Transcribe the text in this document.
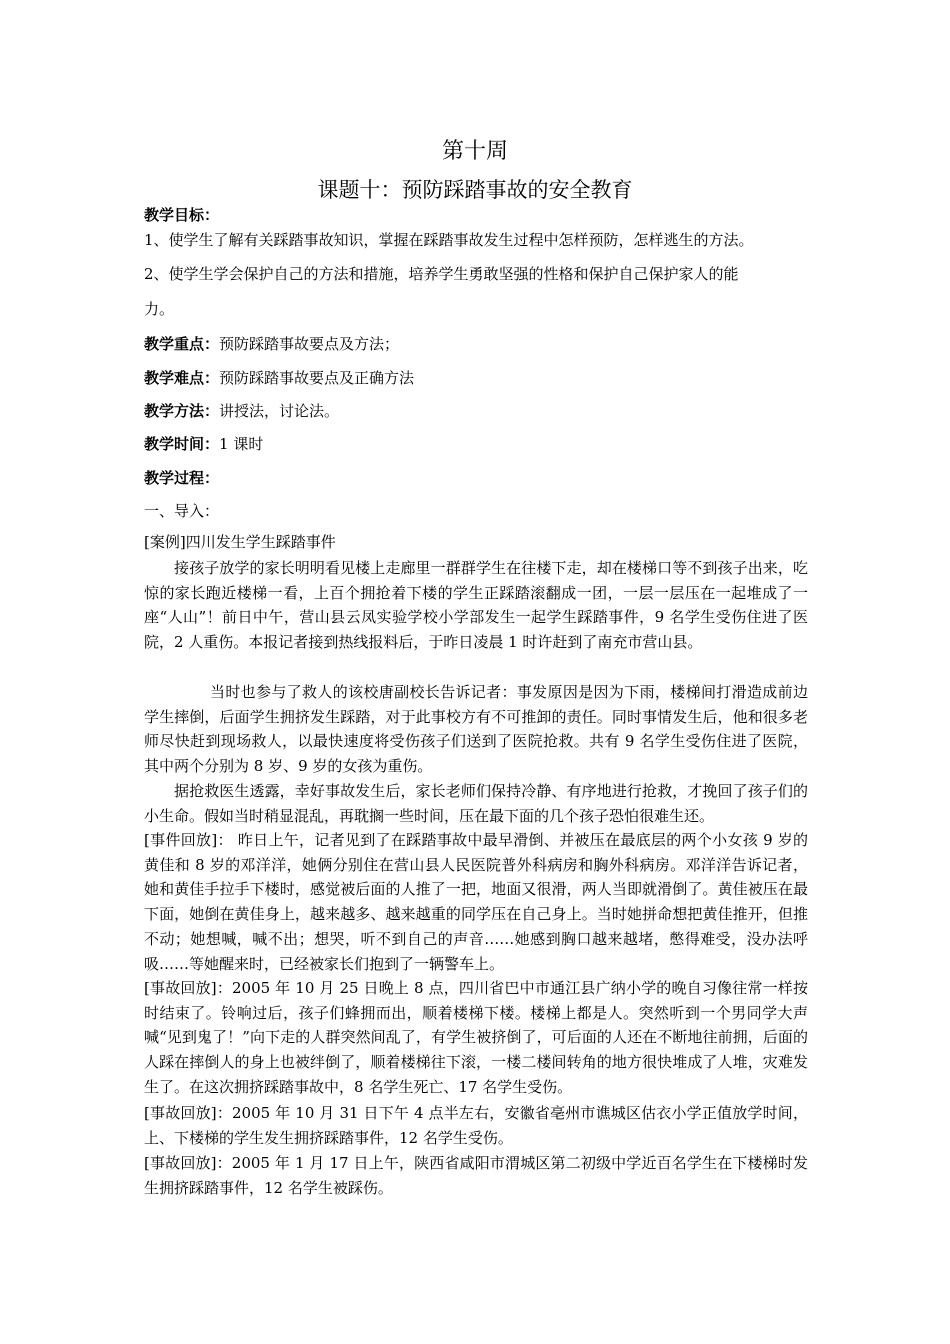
第十周
课题十：预防踩踏事故的安全教育
教学目标：
1、使学生了解有关踩踏事故知识，掌握在踩踏事故发生过程中怎样预防，怎样逃生的方法。
2、使学生学会保护自己的方法和措施，培养学生勇敢坚强的性格和保护自己保护家人的能
力。
教学重点：预防踩踏事故要点及方法；
教学难点：预防踩踏事故要点及正确方法
教学方法：讲授法，讨论法。
教学时间：1 课时
教学过程：
一、导入：
[案例]四川发生学生踩踏事件
接孩子放学的家长明明看见楼上走廊里一群群学生在往楼下走，却在楼梯口等不到孩子出来，吃惊的家长跑近楼梯一看，上百个拥抢着下楼的学生正踩踏滚翻成一团，一层一层压在一起堆成了一座“人山”！前日中午，营山县云凤实验学校小学部发生一起学生踩踏事件，9 名学生受伤住进了医院，2 人重伤。本报记者接到热线报料后，于昨日凌晨 1 时许赶到了南充市营山县。
当时也参与了救人的该校唐副校长告诉记者：事发原因是因为下雨，楼梯间打滑造成前边学生摔倒，后面学生拥挤发生踩踏，对于此事校方有不可推卸的责任。同时事情发生后，他和很多老师尽快赶到现场救人，以最快速度将受伤孩子们送到了医院抢救。共有 9 名学生受伤住进了医院，其中两个分别为 8 岁、9 岁的女孩为重伤。
据抢救医生透露，幸好事故发生后，家长老师们保持冷静、有序地进行抢救，才挽回了孩子们的小生命。假如当时稍显混乱，再耽搁一些时间，压在最下面的几个孩子恐怕很难生还。
[事件回放]： 昨日上午，记者见到了在踩踏事故中最早滑倒、并被压在最底层的两个小女孩 9 岁的黄佳和 8 岁的邓洋洋，她俩分别住在营山县人民医院普外科病房和胸外科病房。邓洋洋告诉记者，她和黄佳手拉手下楼时，感觉被后面的人推了一把，地面又很滑，两人当即就滑倒了。黄佳被压在最下面，她倒在黄佳身上，越来越多、越来越重的同学压在自己身上。当时她拼命想把黄佳推开，但推不动；她想喊，喊不出；想哭，听不到自己的声音……她感到胸口越来越堵，憋得难受，没办法呼吸……等她醒来时，已经被家长们抱到了一辆警车上。
[事故回放]：2005 年 10 月 25 日晚上 8 点，四川省巴中市通江县广纳小学的晚自习像往常一样按时结束了。铃响过后，孩子们蜂拥而出，顺着楼梯下楼。楼梯上都是人。突然听到一个男同学大声喊“见到鬼了！”向下走的人群突然间乱了，有学生被挤倒了，可后面的人还在不断地往前拥，后面的人踩在摔倒人的身上也被绊倒了，顺着楼梯往下滚，一楼二楼间转角的地方很快堆成了人堆，灾难发生了。在这次拥挤踩踏事故中，8 名学生死亡、17 名学生受伤。
[事故回放]：2005 年 10 月 31 日下午 4 点半左右，安徽省亳州市谯城区估衣小学正值放学时间，上、下楼梯的学生发生拥挤踩踏事件，12 名学生受伤。
[事故回放]：2005 年 1 月 17 日上午，陕西省咸阳市渭城区第二初级中学近百名学生在下楼梯时发生拥挤踩踏事件，12 名学生被踩伤。
